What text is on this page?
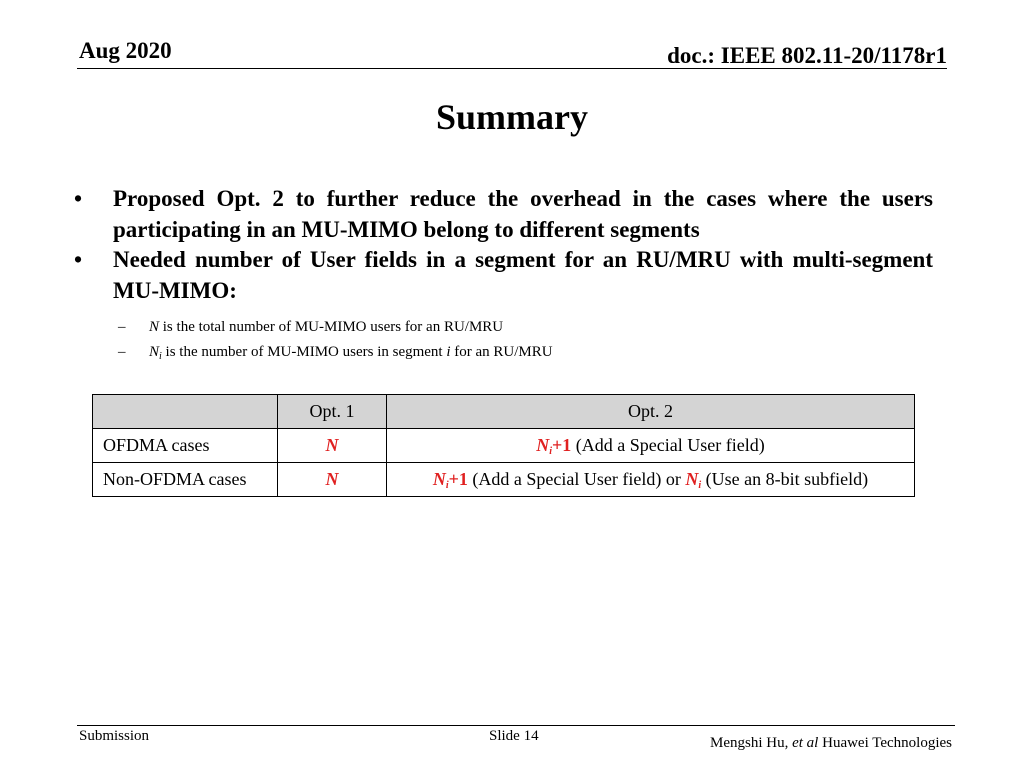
Aug 2020	doc.: IEEE 802.11-20/1178r1
Summary
• Proposed Opt. 2 to further reduce the overhead in the cases where the users participating in an MU-MIMO belong to different segments
• Needed number of User fields in a segment for an RU/MRU with multi-segment MU-MIMO:
– N is the total number of MU-MIMO users for an RU/MRU
– $N_i$ is the number of MU-MIMO users in segment i for an RU/MRU
	Opt. 1	Opt. 2
OFDMA cases	N	$N_i+1$ (Add a Special User field)
Non-OFDMA cases	N	$N_i+1$ (Add a Special User field) or $N_i$ (Use an 8-bit subfield)
Submission	Slide 14	Mengshi Hu, et al Huawei Technologies
